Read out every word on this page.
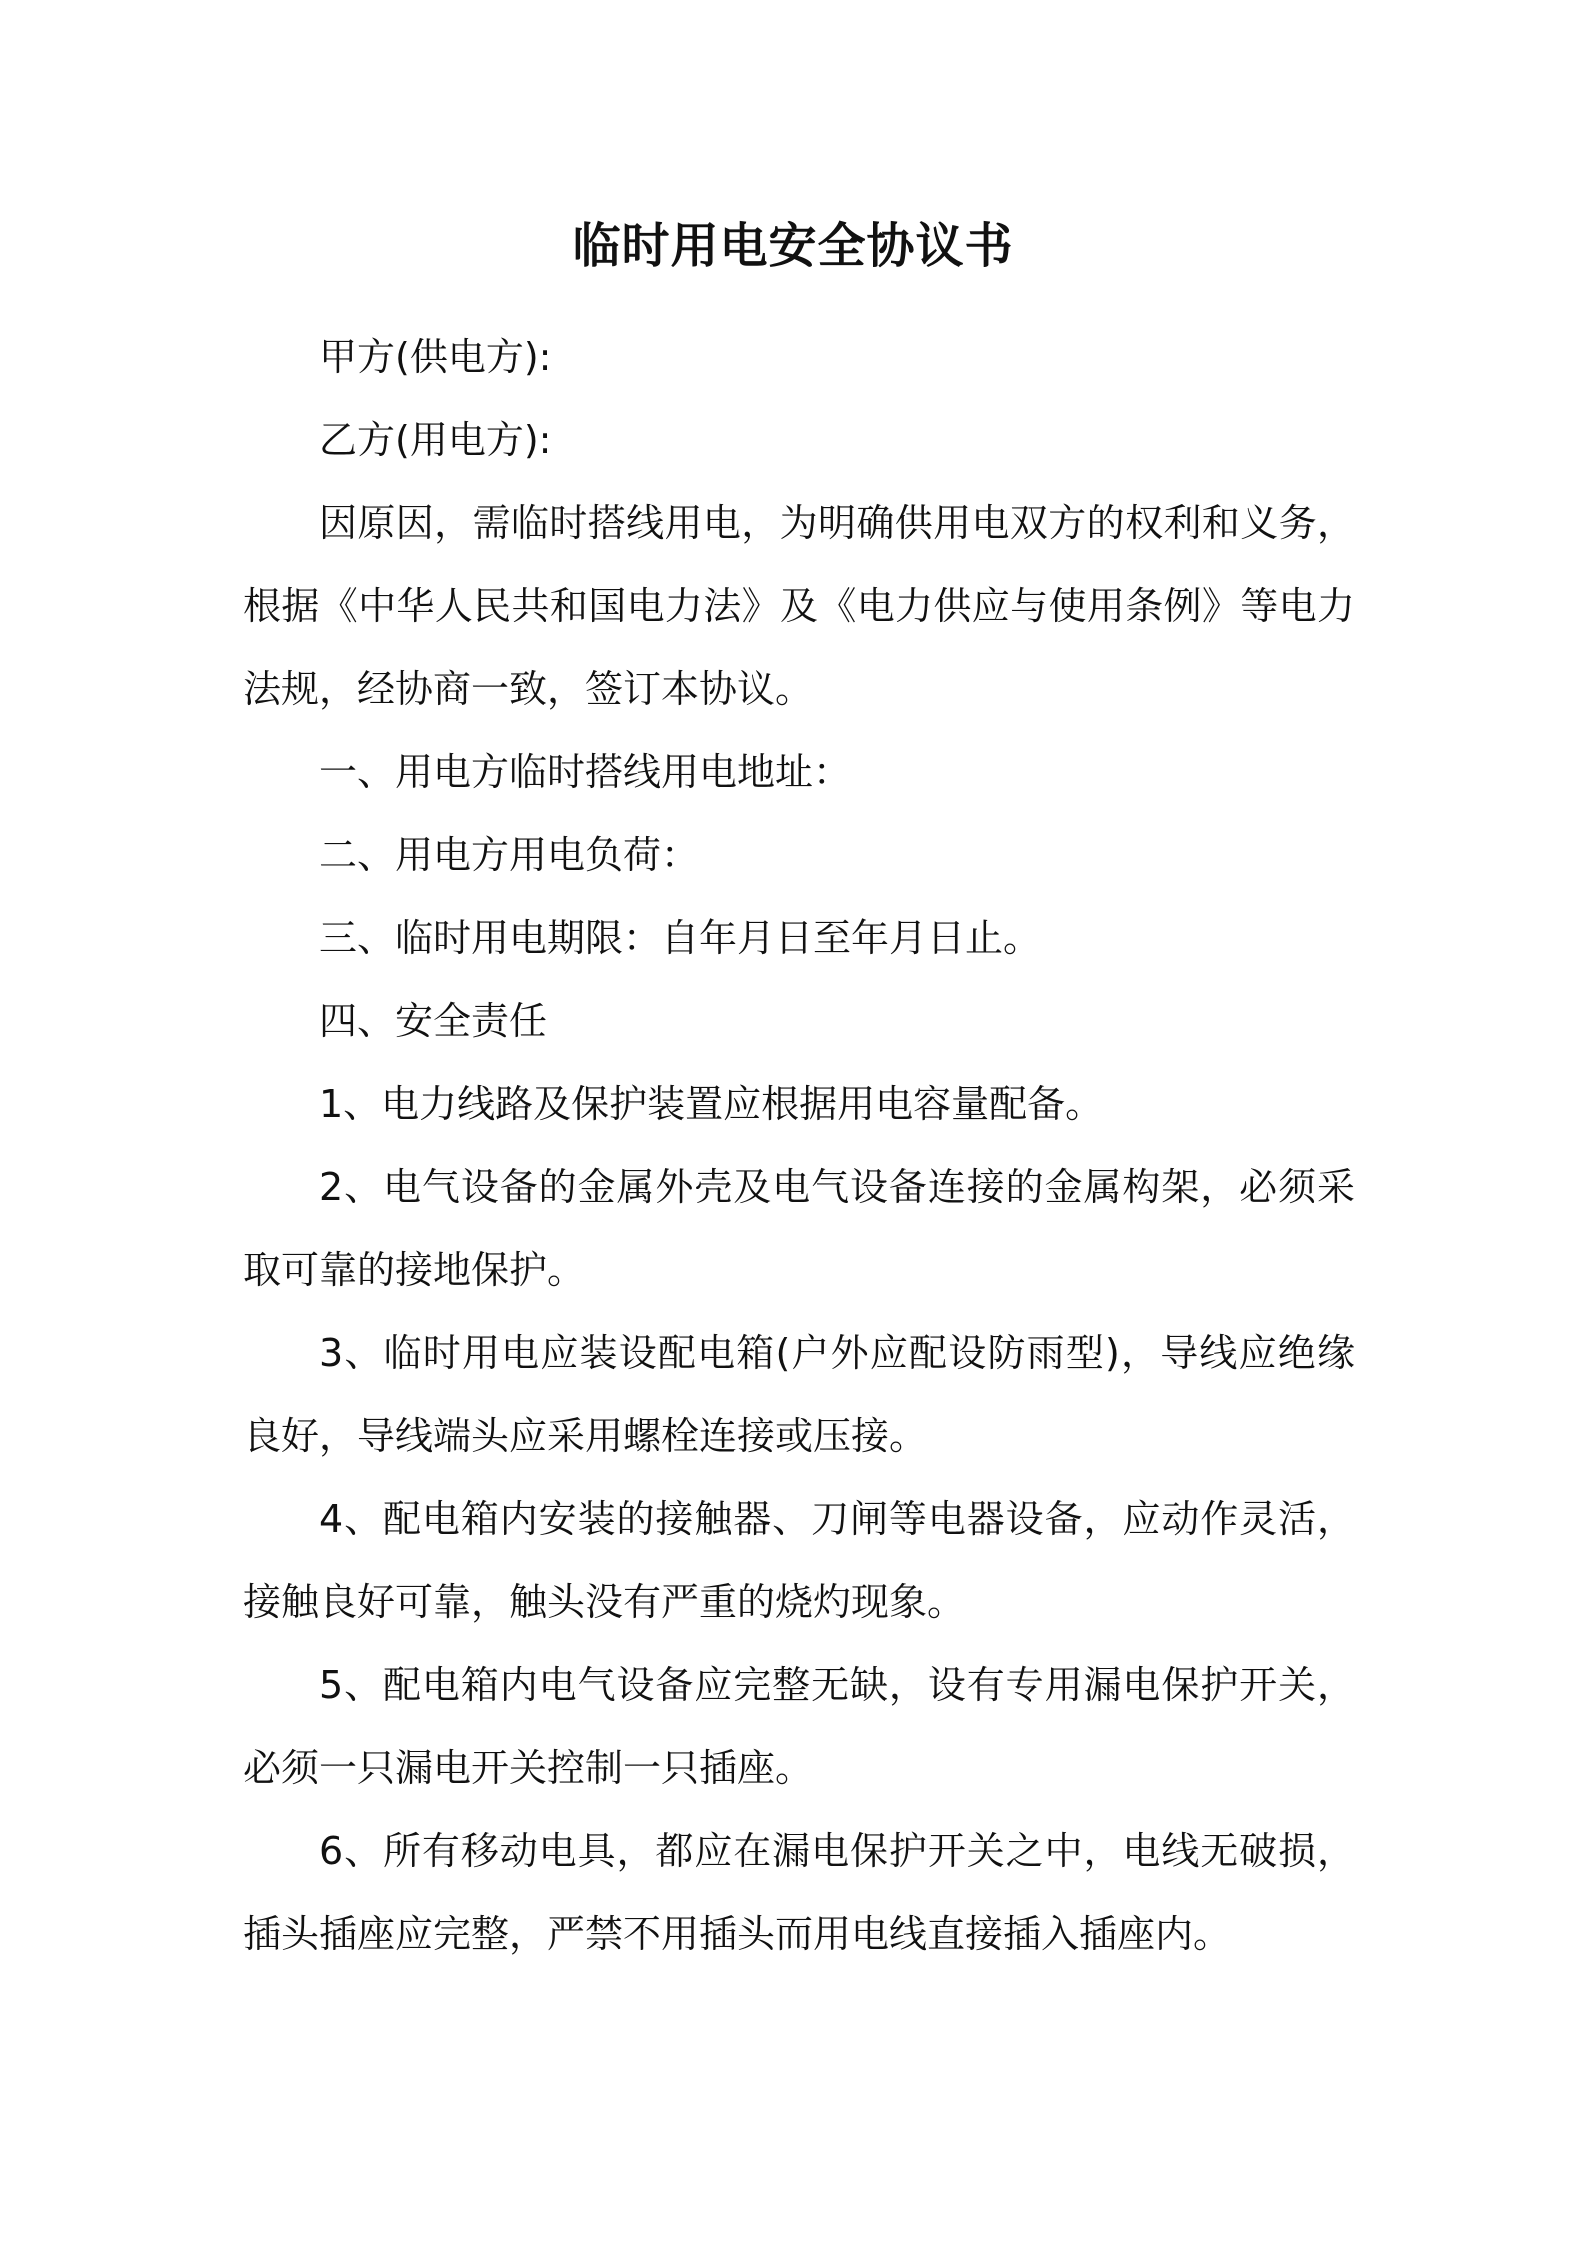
临时用电安全协议书

甲方(供电方):

乙方(用电方):

因原因，需临时搭线用电，为明确供用电双方的权利和义务，根据《中华人民共和国电力法》及《电力供应与使用条例》等电力法规，经协商一致，签订本协议。

一、用电方临时搭线用电地址：

二、用电方用电负荷：

三、临时用电期限：自年月日至年月日止。

四、安全责任

1、电力线路及保护装置应根据用电容量配备。

2、电气设备的金属外壳及电气设备连接的金属构架，必须采取可靠的接地保护。

3、临时用电应装设配电箱(户外应配设防雨型)，导线应绝缘良好，导线端头应采用螺栓连接或压接。

4、配电箱内安装的接触器、刀闸等电器设备，应动作灵活，接触良好可靠，触头没有严重的烧灼现象。

5、配电箱内电气设备应完整无缺，设有专用漏电保护开关，必须一只漏电开关控制一只插座。

6、所有移动电具，都应在漏电保护开关之中，电线无破损，插头插座应完整，严禁不用插头而用电线直接插入插座内。
